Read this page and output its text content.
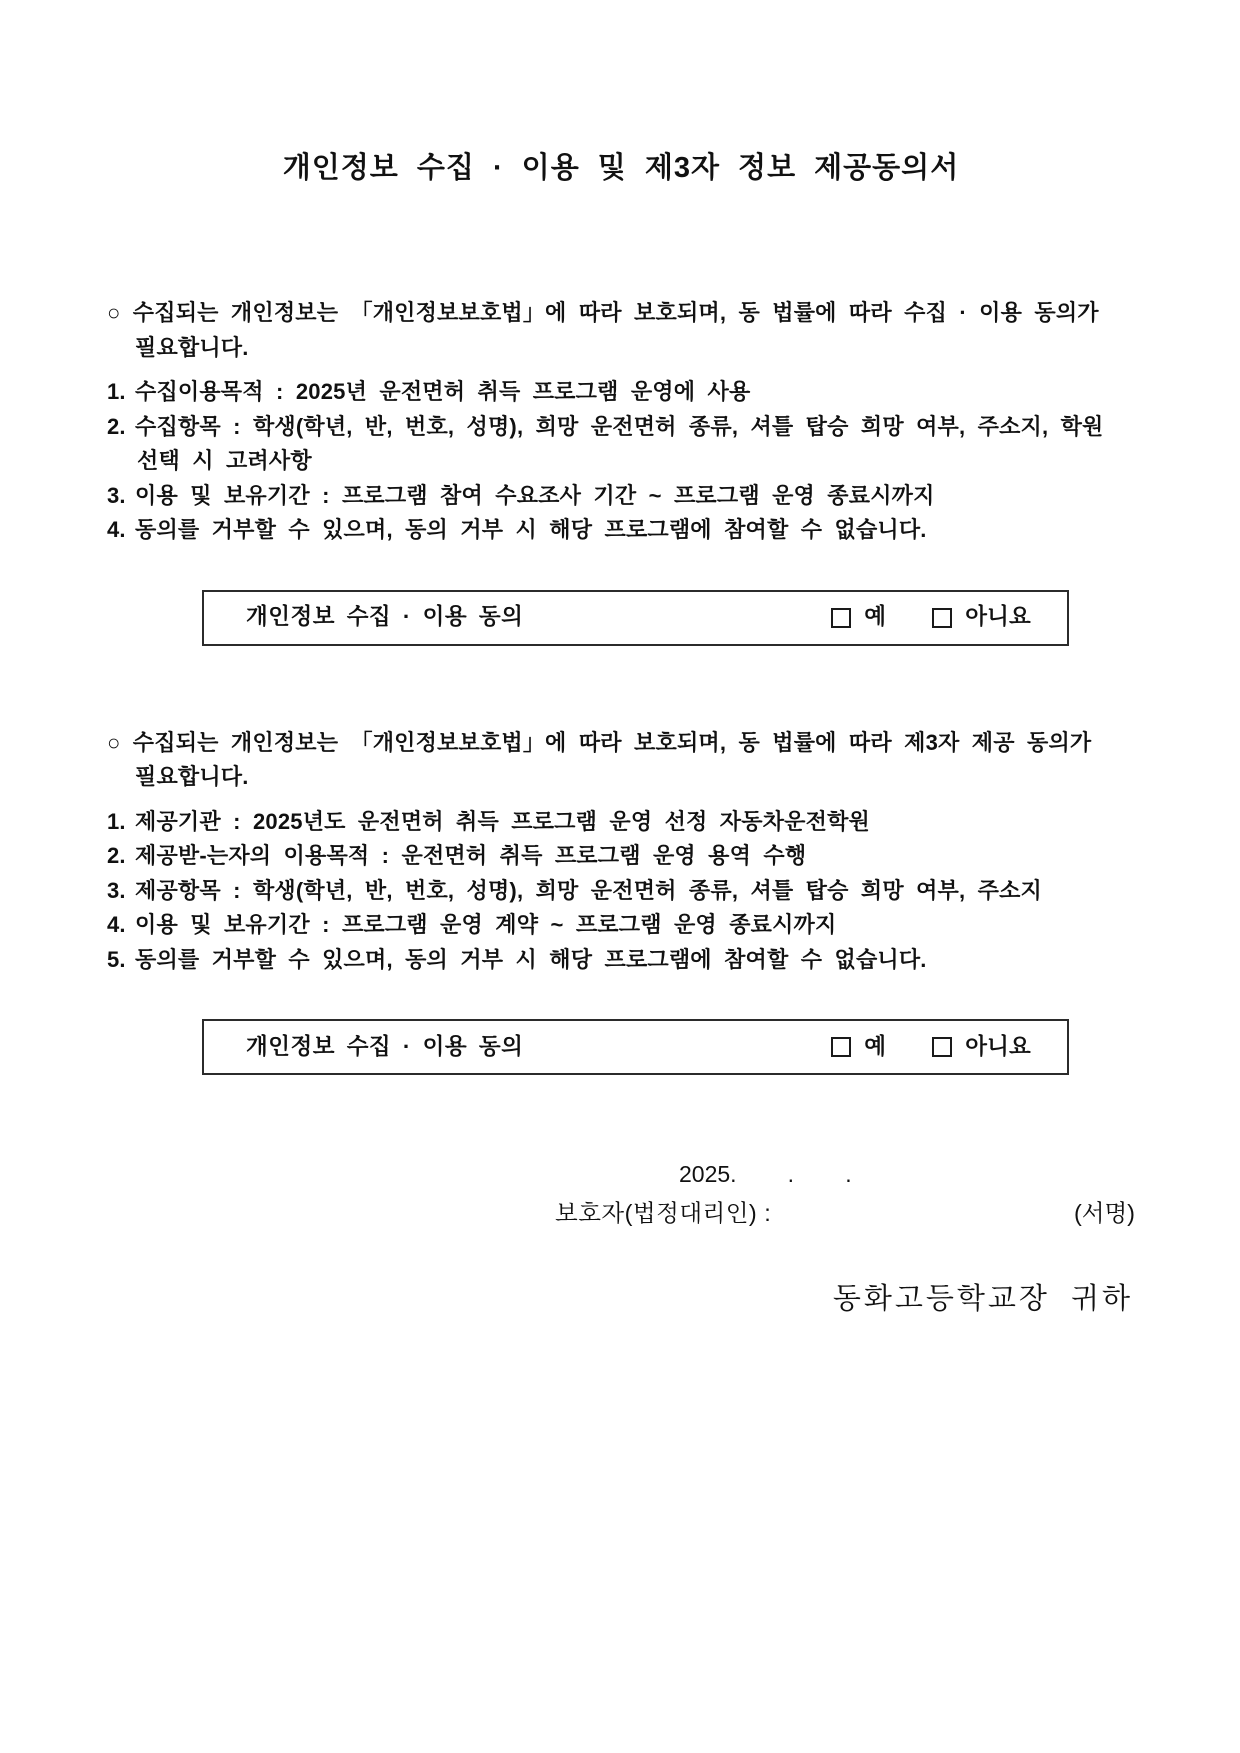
개인정보 수집 · 이용 및 제3자 정보 제공동의서
○ 수집되는 개인정보는 「개인정보보호법」에 따라 보호되며, 동 법률에 따라 수집 · 이용 동의가
필요합니다.
1. 수집이용목적 : 2025년 운전면허 취득 프로그램 운영에 사용
2. 수집항목 : 학생(학년, 반, 번호, 성명), 희망 운전면허 종류, 셔틀 탑승 희망 여부, 주소지, 학원
선택 시 고려사항
3. 이용 및 보유기간 : 프로그램 참여 수요조사 기간 ~ 프로그램 운영 종료시까지
4. 동의를 거부할 수 있으며, 동의 거부 시 해당 프로그램에 참여할 수 없습니다.
개인정보 수집 · 이용 동의	예	아니요
○ 수집되는 개인정보는 「개인정보보호법」에 따라 보호되며, 동 법률에 따라 제3자 제공 동의가
필요합니다.
1. 제공기관 : 2025년도 운전면허 취득 프로그램 운영 선정 자동차운전학원
2. 제공받-는자의 이용목적 : 운전면허 취득 프로그램 운영 용역 수행
3. 제공항목 : 학생(학년, 반, 번호, 성명), 희망 운전면허 종류, 셔틀 탑승 희망 여부, 주소지
4. 이용 및 보유기간 : 프로그램 운영 계약 ~ 프로그램 운영 종료시까지
5. 동의를 거부할 수 있으며, 동의 거부 시 해당 프로그램에 참여할 수 없습니다.
개인정보 수집 · 이용 동의	예	아니요
2025.        .        .
보호자(법정대리인) :	(서명)
동화고등학교장 귀하
